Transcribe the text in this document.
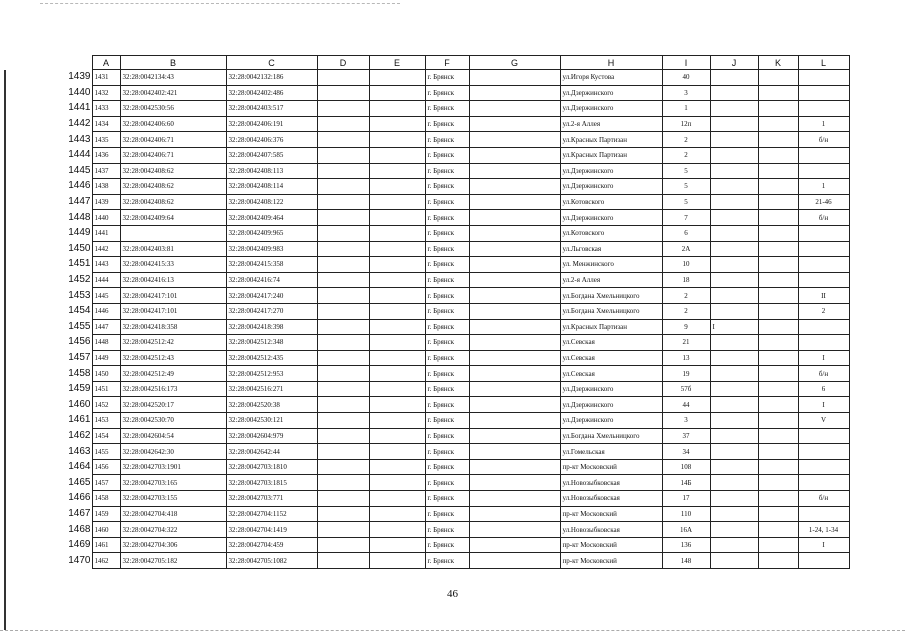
	A	B	C	D	E	F	G	H	I	J	K	L
1439	1431	32:28:0042134:43	32:28:0042132:186			г. Брянск		ул.Игоря Кустова	40			
1440	1432	32:28:0042402:421	32:28:0042402:486			г. Брянск		ул.Дзержинского	3			
1441	1433	32:28:0042530:56	32:28:0042403:517			г. Брянск		ул.Дзержинского	1			
1442	1434	32:28:0042406:60	32:28:0042406:191			г. Брянск		ул.2-я Аллея	12п			1
1443	1435	32:28:0042406:71	32:28:0042406:376			г. Брянск		ул.Красных Партизан	2			б/н
1444	1436	32:28:0042406:71	32:28:0042407:585			г. Брянск		ул.Красных Партизан	2			
1445	1437	32:28:0042408:62	32:28:0042408:113			г. Брянск		ул.Дзержинского	5			
1446	1438	32:28:0042408:62	32:28:0042408:114			г. Брянск		ул.Дзержинского	5			1
1447	1439	32:28:0042408:62	32:28:0042408:122			г. Брянск		ул.Котовского	5			21-46
1448	1440	32:28:0042409:64	32:28:0042409:464			г. Брянск		ул.Дзержинского	7			б/н
1449	1441		32:28:0042409:965			г. Брянск		ул.Котовского	6			
1450	1442	32:28:0042403:81	32:28:0042409:983			г. Брянск		ул.Льговская	2А			
1451	1443	32:28:0042415:33	32:28:0042415:358			г. Брянск		ул. Менжинского	10			
1452	1444	32:28:0042416:13	32:28:0042416:74			г. Брянск		ул.2-я Аллея	18			
1453	1445	32:28:0042417:101	32:28:0042417:240			г. Брянск		ул.Богдана Хмельницкого	2			II
1454	1446	32:28:0042417:101	32:28:0042417:270			г. Брянск		ул.Богдана Хмельницкого	2			2
1455	1447	32:28:0042418:358	32:28:0042418:398			г. Брянск		ул.Красных Партизан	9	I		
1456	1448	32:28:0042512:42	32:28:0042512:348			г. Брянск		ул.Севская	21			
1457	1449	32:28:0042512:43	32:28:0042512:435			г. Брянск		ул.Севская	13			I
1458	1450	32:28:0042512:49	32:28:0042512:953			г. Брянск		ул.Севская	19			б/н
1459	1451	32:28:0042516:173	32:28:0042516:271			г. Брянск		ул.Дзержинского	57б			6
1460	1452	32:28:0042520:17	32:28:0042520:38			г. Брянск		ул.Дзержинского	44			I
1461	1453	32:28:0042530:70	32:28:0042530:121			г. Брянск		ул.Дзержинского	3			V
1462	1454	32:28:0042604:54	32:28:0042604:979			г. Брянск		ул.Богдана Хмельницкого	37			
1463	1455	32:28:0042642:30	32:28:0042642:44			г. Брянск		ул.Гомельская	34			
1464	1456	32:28:0042703:1901	32:28:0042703:1810			г. Брянск		пр-кт Московский	108			
1465	1457	32:28:0042703:165	32:28:0042703:1815			г. Брянск		ул.Новозыбковская	14Б			
1466	1458	32:28:0042703:155	32:28:0042703:771			г. Брянск		ул.Новозыбковская	17			б/н
1467	1459	32:28:0042704:418	32:28:0042704:1152			г. Брянск		пр-кт Московский	110			
1468	1460	32:28:0042704:322	32:28:0042704:1419			г. Брянск		ул.Новозыбковская	16А			1-24, 1-34
1469	1461	32:28:0042704:306	32:28:0042704:459			г. Брянск		пр-кт Московский	136			I
1470	1462	32:28:0042705:182	32:28:0042705:1082			г. Брянск		пр-кт Московский	148			
46
